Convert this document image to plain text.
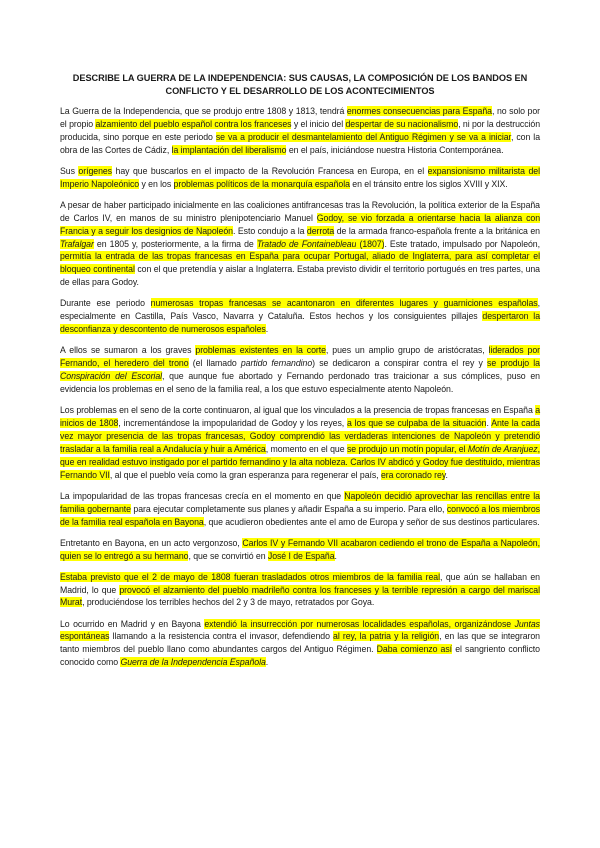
DESCRIBE LA GUERRA DE LA INDEPENDENCIA: SUS CAUSAS, LA COMPOSICIÓN DE LOS BANDOS EN CONFLICTO Y EL DESARROLLO DE LOS ACONTECIMIENTOS

La Guerra de la Independencia, que se produjo entre 1808 y 1813, tendrá enormes consecuencias para España, no solo por el propio alzamiento del pueblo español contra los franceses y el inicio del despertar de su nacionalismo, ni por la destrucción producida, sino porque en este periodo se va a producir el desmantelamiento del Antiguo Régimen y se va a iniciar, con la obra de las Cortes de Cádiz, la implantación del liberalismo en el país, iniciándose nuestra Historia Contemporánea.

Sus orígenes hay que buscarlos en el impacto de la Revolución Francesa en Europa, en el expansionismo militarista del Imperio Napoleónico y en los problemas políticos de la monarquía española en el tránsito entre los siglos XVIII y XIX.

A pesar de haber participado inicialmente en las coaliciones antifrancesas tras la Revolución, la política exterior de la España de Carlos IV, en manos de su ministro plenipotenciario Manuel Godoy, se vio forzada a orientarse hacia la alianza con Francia y a seguir los designios de Napoleón. Esto condujo a la derrota de la armada franco-española frente a la británica en Trafalgar en 1805 y, posteriormente, a la firma de Tratado de Fontainebleau (1807). Este tratado, impulsado por Napoleón, permitía la entrada de las tropas francesas en España para ocupar Portugal, aliado de Inglaterra, para así completar el bloqueo continental con el que pretendía y aislar a Inglaterra. Estaba previsto dividir el territorio portugués en tres partes, una de ellas para Godoy.

Durante ese periodo numerosas tropas francesas se acantonaron en diferentes lugares y guarniciones españolas, especialmente en Castilla, País Vasco, Navarra y Cataluña. Estos hechos y los consiguientes pillajes despertaron la desconfianza y descontento de numerosos españoles.

A ellos se sumaron a los graves problemas existentes en la corte, pues un amplio grupo de aristócratas, liderados por Fernando, el heredero del trono (el llamado partido fernandino) se dedicaron a conspirar contra el rey y se produjo la Conspiración del Escorial, que aunque fue abortado y Fernando perdonado tras traicionar a sus cómplices, puso en evidencia los problemas en el seno de la familia real, a los que estuvo especialmente atento Napoleón.

Los problemas en el seno de la corte continuaron, al igual que los vinculados a la presencia de tropas francesas en España a inicios de 1808, incrementándose la impopularidad de Godoy y los reyes, a los que se culpaba de la situación. Ante la cada vez mayor presencia de las tropas francesas, Godoy comprendió las verdaderas intenciones de Napoleón y pretendió trasladar a la familia real a Andalucía y huir a América, momento en el que se produjo un motín popular, el Motín de Aranjuez, que en realidad estuvo instigado por el partido fernandino y la alta nobleza. Carlos IV abdicó y Godoy fue destituido, mientras Fernando VII, al que el pueblo veía como la gran esperanza para regenerar el país, era coronado rey.

La impopularidad de las tropas francesas crecía en el momento en que Napoleón decidió aprovechar las rencillas entre la familia gobernante para ejecutar completamente sus planes y añadir España a su imperio. Para ello, convocó a los miembros de la familia real española en Bayona, que acudieron obedientes ante el amo de Europa y señor de sus destinos particulares.

Entretanto en Bayona, en un acto vergonzoso, Carlos IV y Fernando VII acabaron cediendo el trono de España a Napoleón, quien se lo entregó a su hermano, que se convirtió en José I de España.

Estaba previsto que el 2 de mayo de 1808 fueran trasladados otros miembros de la familia real, que aún se hallaban en Madrid, lo que provocó el alzamiento del pueblo madrileño contra los franceses y la terrible represión a cargo del mariscal Murat, produciéndose los terribles hechos del 2 y 3 de mayo, retratados por Goya.

Lo ocurrido en Madrid y en Bayona extendió la insurrección por numerosas localidades españolas, organizándose Juntas espontáneas llamando a la resistencia contra el invasor, defendiendo al rey, la patria y la religión, en las que se integraron tanto miembros del pueblo llano como abundantes cargos del Antiguo Régimen. Daba comienzo así el sangriento conflicto conocido como Guerra de la Independencia Española.
